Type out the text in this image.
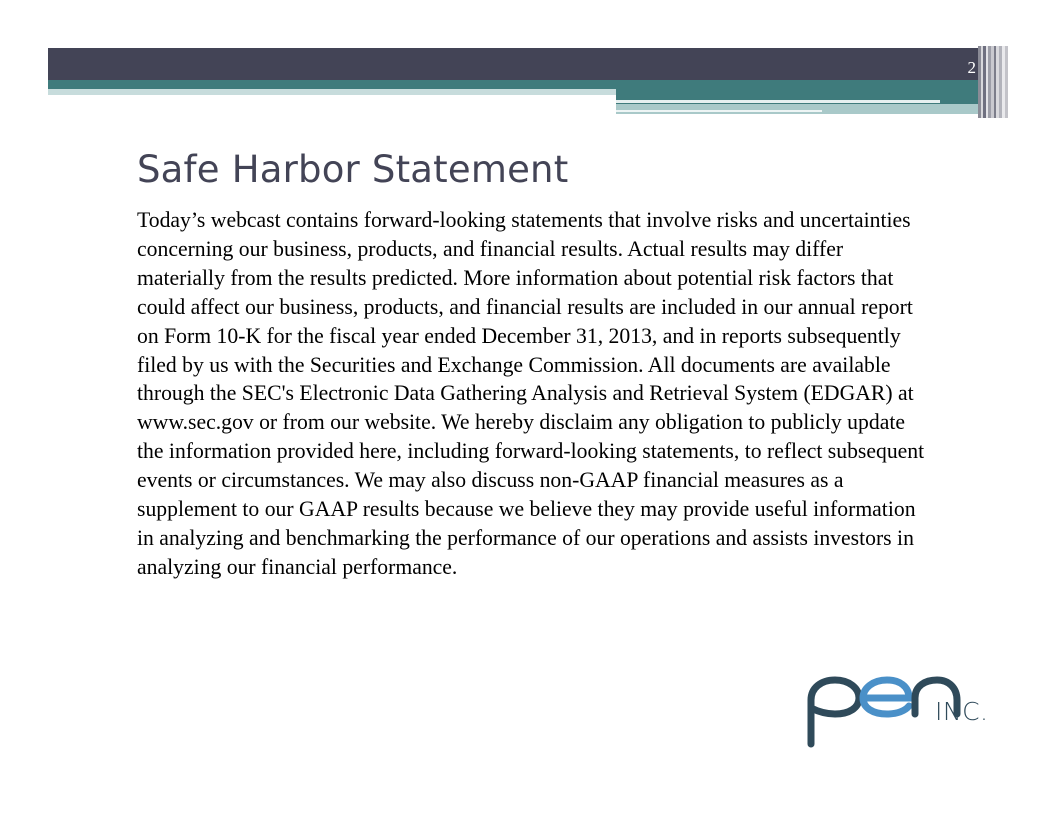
2
Safe Harbor Statement

Today’s webcast contains forward-looking statements that involve risks and uncertainties concerning our business, products, and financial results. Actual results may differ materially from the results predicted. More information about potential risk factors that could affect our business, products, and financial results are included in our annual report on Form 10-K for the fiscal year ended December 31, 2013, and in reports subsequently filed by us with the Securities and Exchange Commission. All documents are available through the SEC's Electronic Data Gathering Analysis and Retrieval System (EDGAR) at www.sec.gov or from our website. We hereby disclaim any obligation to publicly update the information provided here, including forward-looking statements, to reflect subsequent events or circumstances. We may also discuss non-GAAP financial measures as a supplement to our GAAP results because we believe they may provide useful information in analyzing and benchmarking the performance of our operations and assists investors in analyzing our financial performance.

INC.
